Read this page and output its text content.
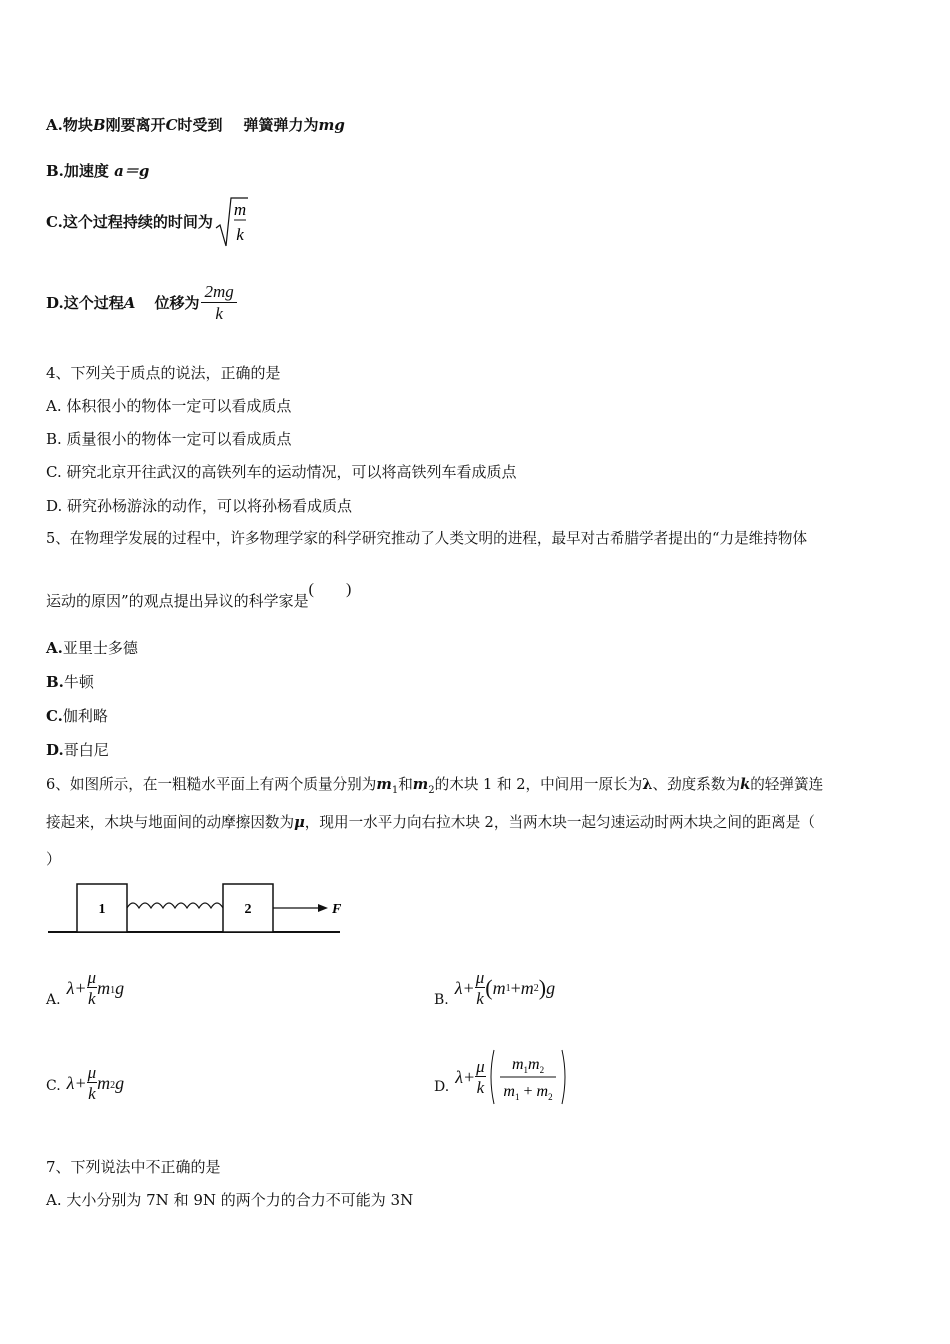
A.物块B刚要离开C时受到 弹簧弹力为mg
B.加速度 a＝g
C. 这个过程持续的时间为
m
k
D. 这个过程 A
位移为 $\frac{2mg}{k}$
4、下列关于质点的说法，正确的是
A. 体积很小的物体一定可以看成质点
B. 质量很小的物体一定可以看成质点
C. 研究北京开往武汉的高铁列车的运动情况，可以将高铁列车看成质点
D. 研究孙杨游泳的动作，可以将孙杨看成质点
5、在物理学发展的过程中，许多物理学家的科学研究推动了人类文明的进程，最早对古希腊学者提出的“力是维持物体
运动的原因”的观点提出异议的科学家是(　　)
A.亚里士多德
B.牛顿
C.伽利略
D.哥白尼
6、如图所示，在一粗糙水平面上有两个质量分别为$m_1$和$m_2$的木块 1 和 2，中间用一原长为λ、劲度系数为k的轻弹簧连
接起来，木块与地面间的动摩擦因数为μ，现用一水平力向右拉木块 2，当两木块一起匀速运动时两木块之间的距离是（
）
1	2	F
A.
$\lambda+ \frac{\mu}{k} m_1$ g
B.
$\lambda+ \frac{\mu}{k}$ ( m 1 + m 2 ) g
C. $\lambda+ \frac{\mu}{k} m_2$ g	D.
$\lambda+ \frac{\mu}{k} m_1m_2$
$m_1 + m_2$
7、下列说法中不正确的是
A. 大小分别为 7N 和 9N 的两个力的合力不可能为 3N
